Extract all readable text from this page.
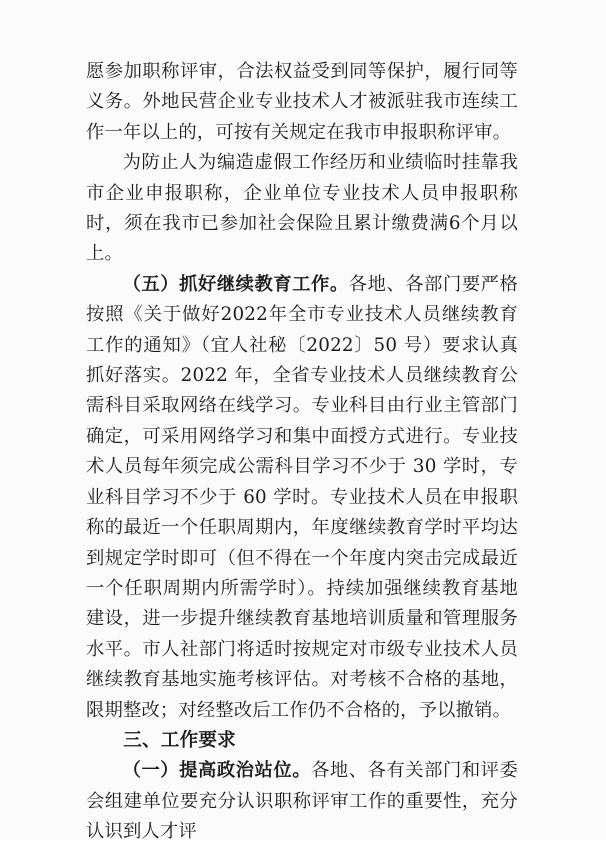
愿参加职称评审，合法权益受到同等保护，履行同等义务。外地民营企业专业技术人才被派驻我市连续工作一年以上的，可按有关规定在我市申报职称评审。

为防止人为编造虚假工作经历和业绩临时挂靠我市企业申报职称，企业单位专业技术人员申报职称时，须在我市已参加社会保险且累计缴费满6个月以上。

（五）抓好继续教育工作。各地、各部门要严格按照《关于做好2022年全市专业技术人员继续教育工作的通知》（宜人社秘〔2022〕50 号）要求认真抓好落实。2022 年，全省专业技术人员继续教育公需科目采取网络在线学习。专业科目由行业主管部门确定，可采用网络学习和集中面授方式进行。专业技术人员每年须完成公需科目学习不少于 30 学时，专业科目学习不少于 60 学时。专业技术人员在申报职称的最近一个任职周期内，年度继续教育学时平均达到规定学时即可（但不得在一个年度内突击完成最近一个任职周期内所需学时）。持续加强继续教育基地建设，进一步提升继续教育基地培训质量和管理服务水平。市人社部门将适时按规定对市级专业技术人员继续教育基地实施考核评估。对考核不合格的基地，限期整改；对经整改后工作仍不合格的，予以撤销。

三、工作要求

（一）提高政治站位。各地、各有关部门和评委会组建单位要充分认识职称评审工作的重要性，充分认识到人才评
